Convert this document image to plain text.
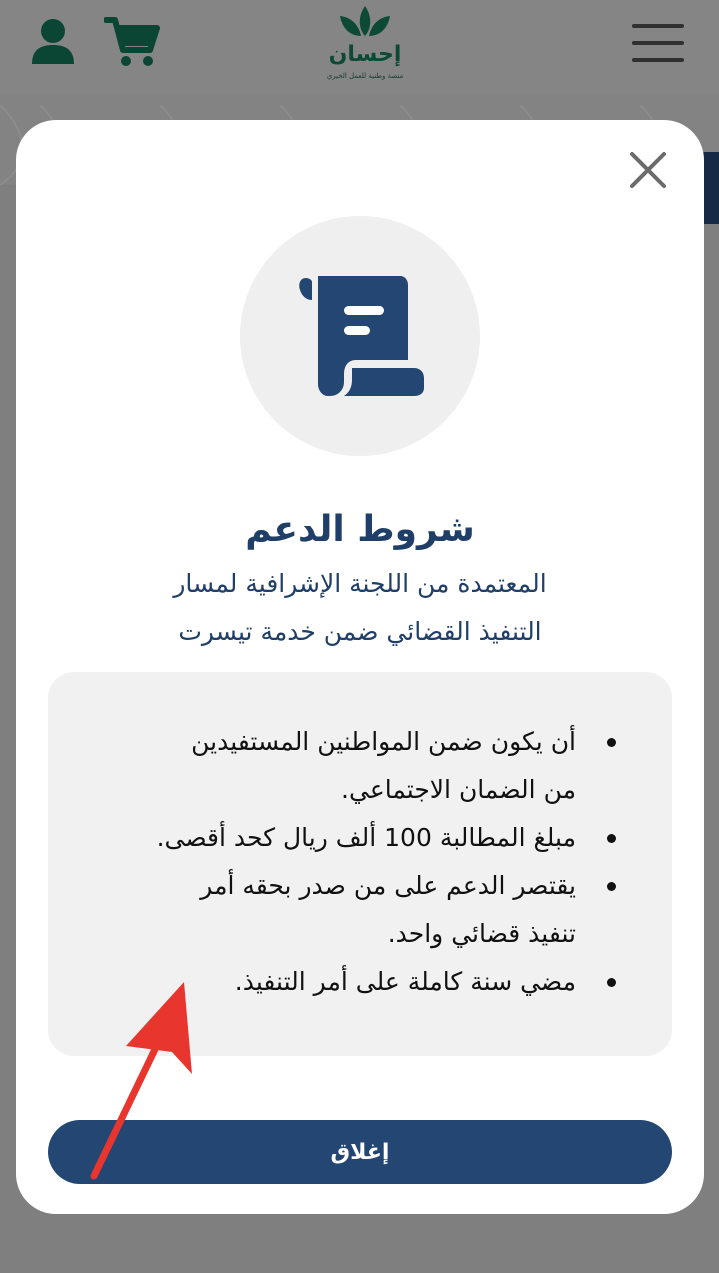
إحسان
منصة وطنية للعمل الخيري
شروط الدعم
المعتمدة من اللجنة الإشرافية لمسار
التنفيذ القضائي ضمن خدمة تيسرت
أن يكون ضمن المواطنين المستفيدين من الضمان الاجتماعي.
مبلغ المطالبة 100 ألف ريال كحد أقصى.
يقتصر الدعم على من صدر بحقه أمر تنفيذ قضائي واحد.
مضي سنة كاملة على أمر التنفيذ.
إغلاق
